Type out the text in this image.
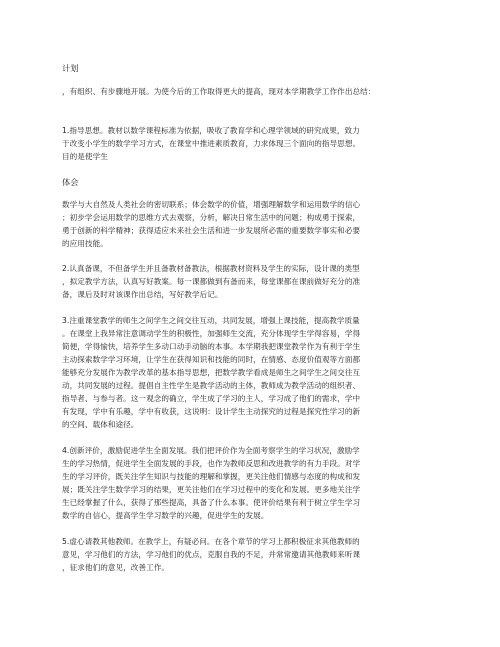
计划
，有组织、有步骤地开展。为使今后的工作取得更大的提高，现对本学期教学工作作出总结：
1.指导思想。教材以数学课程标准为依据，吸收了教育学和心理学领域的研究成果，致力
于改变小学生的数学学习方式，在课堂中推进素质教育，力求体现三个面向的指导思想。
目的是使学生
体会
数学与大自然及人类社会的密切联系；体会数学的价值，增强理解数学和运用数学的信心
；初步学会运用数学的思维方式去观察，分析，解决日常生活中的问题；构成勇于探索，
勇于创新的科学精神；获得适应未来社会生活和进一步发展所必需的重要数学事实和必要
的应用技能。
2.认真备课，不但备学生并且备教材备教法，根据教材资料及学生的实际，设计课的类型
，拟定教学方法，认真写好教案。每一课都做到有备而来，每堂课都在课前做好充分的准
备，课后及时对该课作出总结，写好教学后记。
3.注重课堂教学的师生之间学生之间交往互动，共同发展，增强上课技能，提高教学质量
。在课堂上我异常注意调动学生的积极性，加强师生交流，充分体现学生学得容易，学得
简便，学得愉快，培养学生多动口动手动脑的本事。本学期我把课堂教学作为有利于学生
主动探索数学学习环境，让学生在获得知识和技能的同时，在情感、态度价值观等方面都
能够充分发展作为教学改革的基本指导思想，把数学教学看成是师生之间学生之间交往互
动，共同发展的过程。提倡自主性学生是教学活动的主体，教师成为教学活动的组织者、
指导者、与参与者。这一观念的确立，学生成了学习的主人，学习成了他们的需求，学中
有发现，学中有乐趣，学中有收获，这说明：设计学生主动探究的过程是探究性学习的新
的空间、载体和途径。
4.创新评价，激励促进学生全面发展。我们把评价作为全面考察学生的学习状况，激励学
生的学习热情，促进学生全面发展的手段，也作为教师反思和改进教学的有力手段。对学
生的学习评价，既关注学生知识与技能的理解和掌握，更关注他们情感与态度的构成和发
展；既关注学生数学学习的结果，更关注他们在学习过程中的变化和发展。更多地关注学
生已经掌握了什么，获得了那些提高，具备了什么本事。使评价结果有利于树立学生学习
数学的自信心，提高学生学习数学的兴趣，促进学生的发展。
5.虚心请教其他教师。在教学上，有疑必问。在各个章节的学习上都积极征求其他教师的
意见，学习他们的方法，学习他们的优点，克服自我的不足，并常常邀请其他教师来听课
，征求他们的意见，改善工作。
